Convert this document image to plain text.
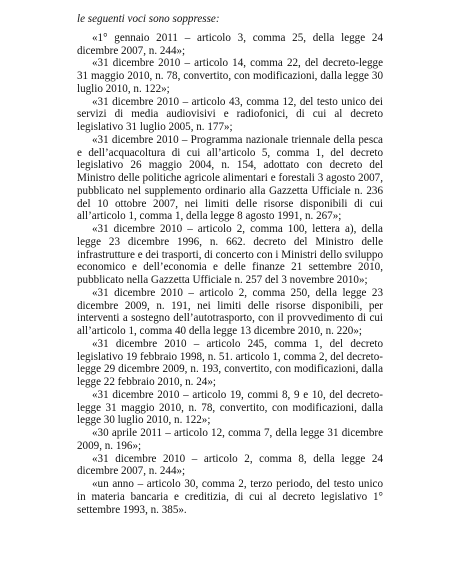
le seguenti voci sono soppresse:

«1° gennaio 2011 – articolo 3, comma 25, della legge 24 dicembre 2007, n. 244»;

«31 dicembre 2010 – articolo 14, comma 22, del decreto-legge 31 maggio 2010, n. 78, convertito, con modificazioni, dalla legge 30 luglio 2010, n. 122»;

«31 dicembre 2010 – articolo 43, comma 12, del testo unico dei servizi di media audiovisivi e radiofonici, di cui al decreto legislativo 31 luglio 2005, n. 177»;

«31 dicembre 2010 – Programma nazionale triennale della pesca e dell’acquacoltura di cui all’articolo 5, comma 1, del decreto legislativo 26 maggio 2004, n. 154, adottato con decreto del Ministro delle politiche agricole alimentari e forestali 3 agosto 2007, pubblicato nel supplemento ordinario alla Gazzetta Ufficiale n. 236 del 10 ottobre 2007, nei limiti delle risorse disponibili di cui all’articolo 1, comma 1, della legge 8 agosto 1991, n. 267»;

«31 dicembre 2010 – articolo 2, comma 100, lettera a), della legge 23 dicembre 1996, n. 662. decreto del Ministro delle infrastrutture e dei trasporti, di concerto con i Ministri dello sviluppo economico e dell’economia e delle finanze 21 settembre 2010, pubblicato nella Gazzetta Ufficiale n. 257 del 3 novembre 2010»;

«31 dicembre 2010 – articolo 2, comma 250, della legge 23 dicembre 2009, n. 191, nei limiti delle risorse disponibili, per interventi a sostegno dell’autotrasporto, con il provvedimento di cui all’articolo 1, comma 40 della legge 13 dicembre 2010, n. 220»;

«31 dicembre 2010 – articolo 245, comma 1, del decreto legislativo 19 febbraio 1998, n. 51. articolo 1, comma 2, del decreto-legge 29 dicembre 2009, n. 193, convertito, con modificazioni, dalla legge 22 febbraio 2010, n. 24»;

«31 dicembre 2010 – articolo 19, commi 8, 9 e 10, del decreto-legge 31 maggio 2010, n. 78, convertito, con modificazioni, dalla legge 30 luglio 2010, n. 122»;

«30 aprile 2011 – articolo 12, comma 7, della legge 31 dicembre 2009, n. 196»;

«31 dicembre 2010 – articolo 2, comma 8, della legge 24 dicembre 2007, n. 244»;

«un anno – articolo 30, comma 2, terzo periodo, del testo unico in materia bancaria e creditizia, di cui al decreto legislativo 1° settembre 1993, n. 385».
